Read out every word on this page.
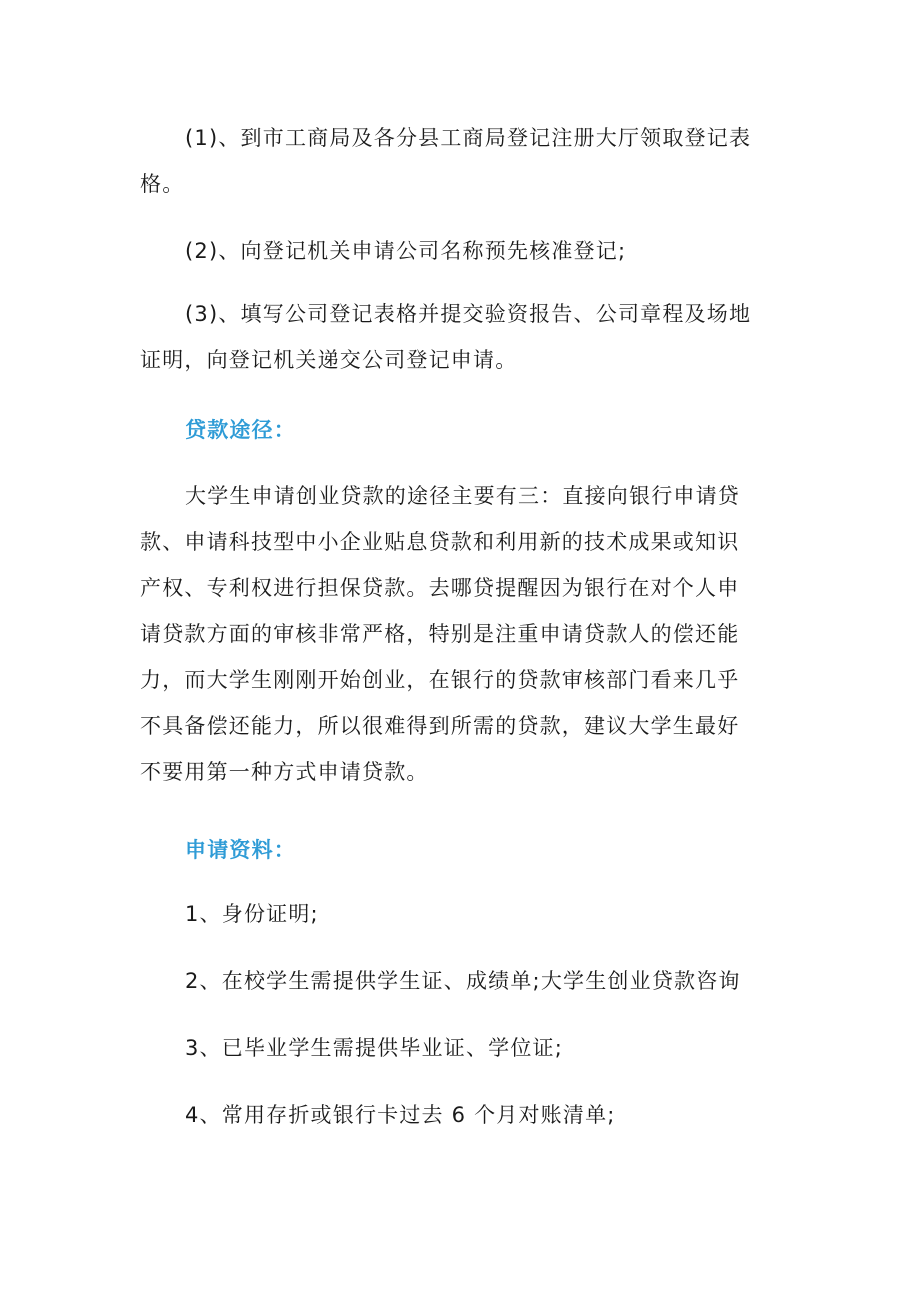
(1)、到市工商局及各分县工商局登记注册大厅领取登记表
格。
(2)、向登记机关申请公司名称预先核准登记;
(3)、填写公司登记表格并提交验资报告、公司章程及场地
证明，向登记机关递交公司登记申请。
贷款途径：
大学生申请创业贷款的途径主要有三：直接向银行申请贷
款、申请科技型中小企业贴息贷款和利用新的技术成果或知识
产权、专利权进行担保贷款。去哪贷提醒因为银行在对个人申
请贷款方面的审核非常严格，特别是注重申请贷款人的偿还能
力，而大学生刚刚开始创业，在银行的贷款审核部门看来几乎
不具备偿还能力，所以很难得到所需的贷款，建议大学生最好
不要用第一种方式申请贷款。
申请资料：
1、身份证明;
2、在校学生需提供学生证、成绩单;大学生创业贷款咨询
3、已毕业学生需提供毕业证、学位证;
4、常用存折或银行卡过去 6 个月对账清单;
